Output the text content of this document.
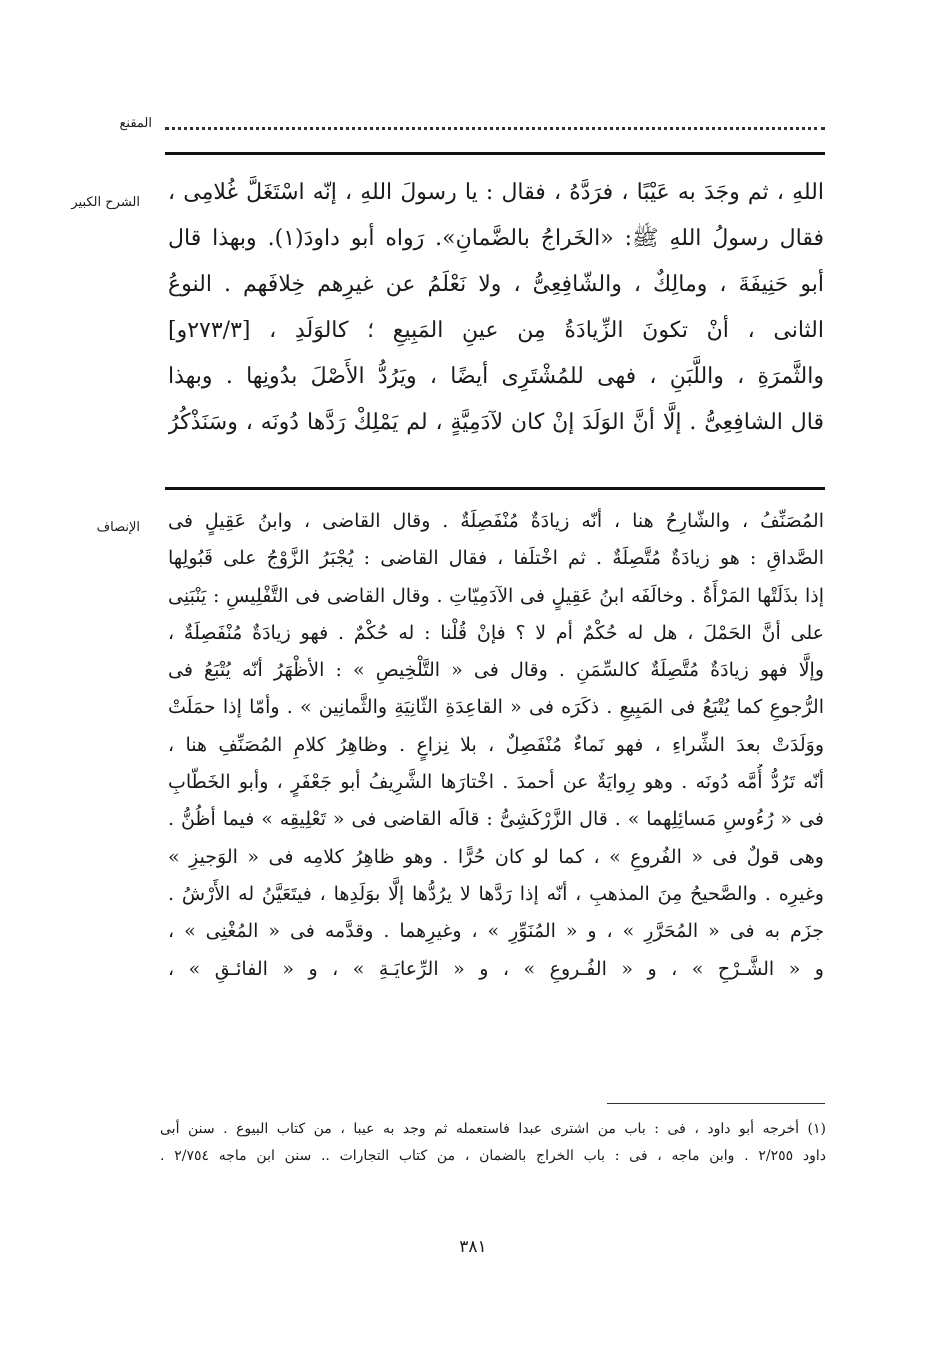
المقنع
الشرح الكبير اللهِ ، ثم وجَدَ به عَيْبًا ، فرَدَّهُ ، فقال : يا رسولَ اللهِ ، إنّه اسْتَغَلَّ غُلامِى ،
فقال رسولُ اللهِ ﷺ: «الخَراجُ بالضَّمانِ». رَواه أبو داودَ(١). وبهذا قال
أبو حَنِيفَةَ ، ومالِكٌ ، والشّافِعِىُّ ، ولا نَعْلَمُ عن غيرِهم خِلافَهم . النوعُ
الثانى ، أنْ تكونَ الزِّيادَةُ مِن عينِ المَبِيعِ ؛ كالوَلَدِ ، [٢٧٣/٣و]
والثَّمرَةِ ، واللَّبَنِ ، فهى للمُشْتَرِى أيضًا ، ويَرُدُّ الأَصْلَ بدُونِها . وبهذا
قال الشافِعِىُّ . إلَّا أنَّ الوَلَدَ إنْ كان لآدَمِيَّةٍ ، لم يَمْلِكْ رَدَّها دُونَه ، وسَنَذْكُرُ
الإنصاف المُصَنِّفُ ، والشّارِحُ هنا ، أنّه زيادَةٌ مُنْفَصِلَةٌ . وقال القاضى ، وابنُ عَقِيلٍ فى
الصَّداقِ : هو زيادَةٌ مُتَّصِلَةٌ . ثم اخْتلَفا ، فقال القاضى : يُجْبَرُ الزَّوْجُ على قَبُولِها
إذا بذَلَتْها المَرْأَةُ . وخالَفَه ابنُ عَقِيلٍ فى الآدَمِيّاتِ . وقال القاضى فى التَّفْلِيسِ : يَنْبَنِى
على أنَّ الحَمْلَ ، هل له حُكْمٌ أم لا ؟ فإنْ قُلْنا : له حُكْمٌ . فهو زيادَةٌ مُنْفَصِلَةٌ ،
وإلَّا فهو زيادَةٌ مُتَّصِلَةٌ كالسِّمَنِ . وقال فى « التَّلْخِيصِ » : الأظْهَرُ أنّه يُتْبَعُ فى
الرُّجوعِ كما يُتْبَعُ فى المَبِيعِ . ذكَرَه فى « القاعِدَةِ الثّانِيَةِ والثَّمانِين » . وأمّا إذا حمَلَتْ
ووَلَدَتْ بعدَ الشِّراءِ ، فهو نَماءٌ مُنْفَصِلٌ ، بلا نِزاعٍ . وظاهِرُ كلامِ المُصَنِّفِ هنا ،
أنّه تَرُدُّ أُمَّه دُونَه . وهو رِوايَةٌ عن أحمدَ . اخْتارَها الشَّرِيفُ أبو جَعْفَرٍ ، وأبو الخَطّابِ
فى « رُءُوسِ مَسائِلِهما » . قال الزَّرْكَشِىُّ : قالَه القاضى فى « تَعْلِيقِه » فيما أظُنُّ .
وهى قولٌ فى « الفُروعِ » ، كما لو كان حُرًّا . وهو ظاهِرُ كلامِه فى « الوَجيزِ »
وغيرِه . والصَّحيحُ مِنَ المذهبِ ، أنّه إذا رَدَّها لا يرُدُّها إلَّا بوَلَدِها ، فيتَعَيَّنُ له الأَرْشُ .
جزَم به فى « المُحَرَّرِ » ، و « المُنَوِّرِ » ، وغيرِهما . وقدَّمه فى « المُغْنِى » ،
و « الشَّـرْحِ » ، و « الفُـروعِ » ، و « الرِّعايَـةِ » ، و « الفائـقِ » ،
(١) أخرجه أبو داود ، فى : باب من اشترى عبدا فاستعمله ثم وجد به عيبا ، من كتاب البيوع . سنن أبى
داود ٢/٢٥٥ . وابن ماجه ، فى : باب الخراج بالضمان ، من كتاب التجارات .. سنن ابن ماجه ٢/٧٥٤ .
٣٨١
